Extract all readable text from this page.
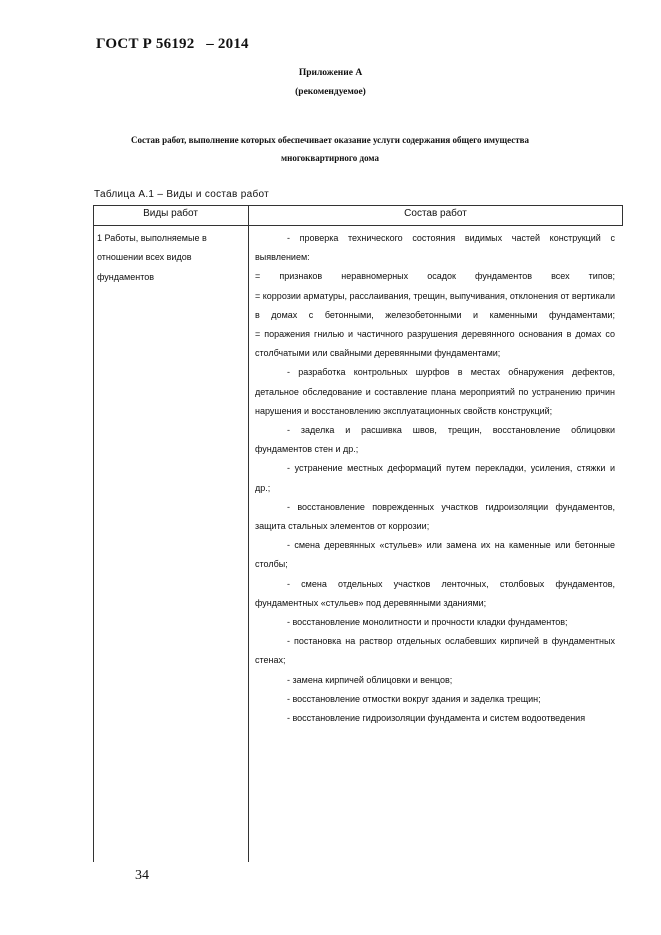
ГОСТ Р 56192   – 2014
Приложение А
(рекомендуемое)
Состав работ, выполнение которых обеспечивает оказание услуги содержания общего имущества многоквартирного дома
Таблица А.1 – Виды и состав работ
Виды работ	Состав работ
1 Работы, выполняемые в отношении всех видов фундаментов

- проверка технического состояния видимых частей конструкций с выявлением:

= признаков неравномерных осадок фундаментов всех типов;

= коррозии арматуры, расслаивания, трещин, выпучивания, отклонения от вертикали в домах с бетонными, железобетонными и каменными фундаментами;

= поражения гнилью и частичного разрушения деревянного основания в домах со столбчатыми или свайными деревянными фундаментами;

- разработка контрольных шурфов в местах обнаружения дефектов, детальное обследование и составление плана мероприятий по устранению причин нарушения и восстановлению эксплуатационных свойств конструкций;

- заделка и расшивка швов, трещин, восстановление облицовки фундаментов стен и др.;

- устранение местных деформаций путем перекладки, усиления, стяжки и др.;

- восстановление поврежденных участков гидроизоляции фундаментов, защита стальных элементов от коррозии;

- смена деревянных «стульев» или замена их на каменные или бетонные столбы;

- смена отдельных участков ленточных, столбовых фундаментов, фундаментных «стульев» под деревянными зданиями;

- восстановление монолитности и прочности кладки фундаментов;

- постановка на раствор отдельных ослабевших кирпичей в фундаментных стенах;

- замена кирпичей облицовки и венцов;

- восстановление отмостки вокруг здания и заделка трещин;

- восстановление гидроизоляции фундамента и систем водоотведения

34
